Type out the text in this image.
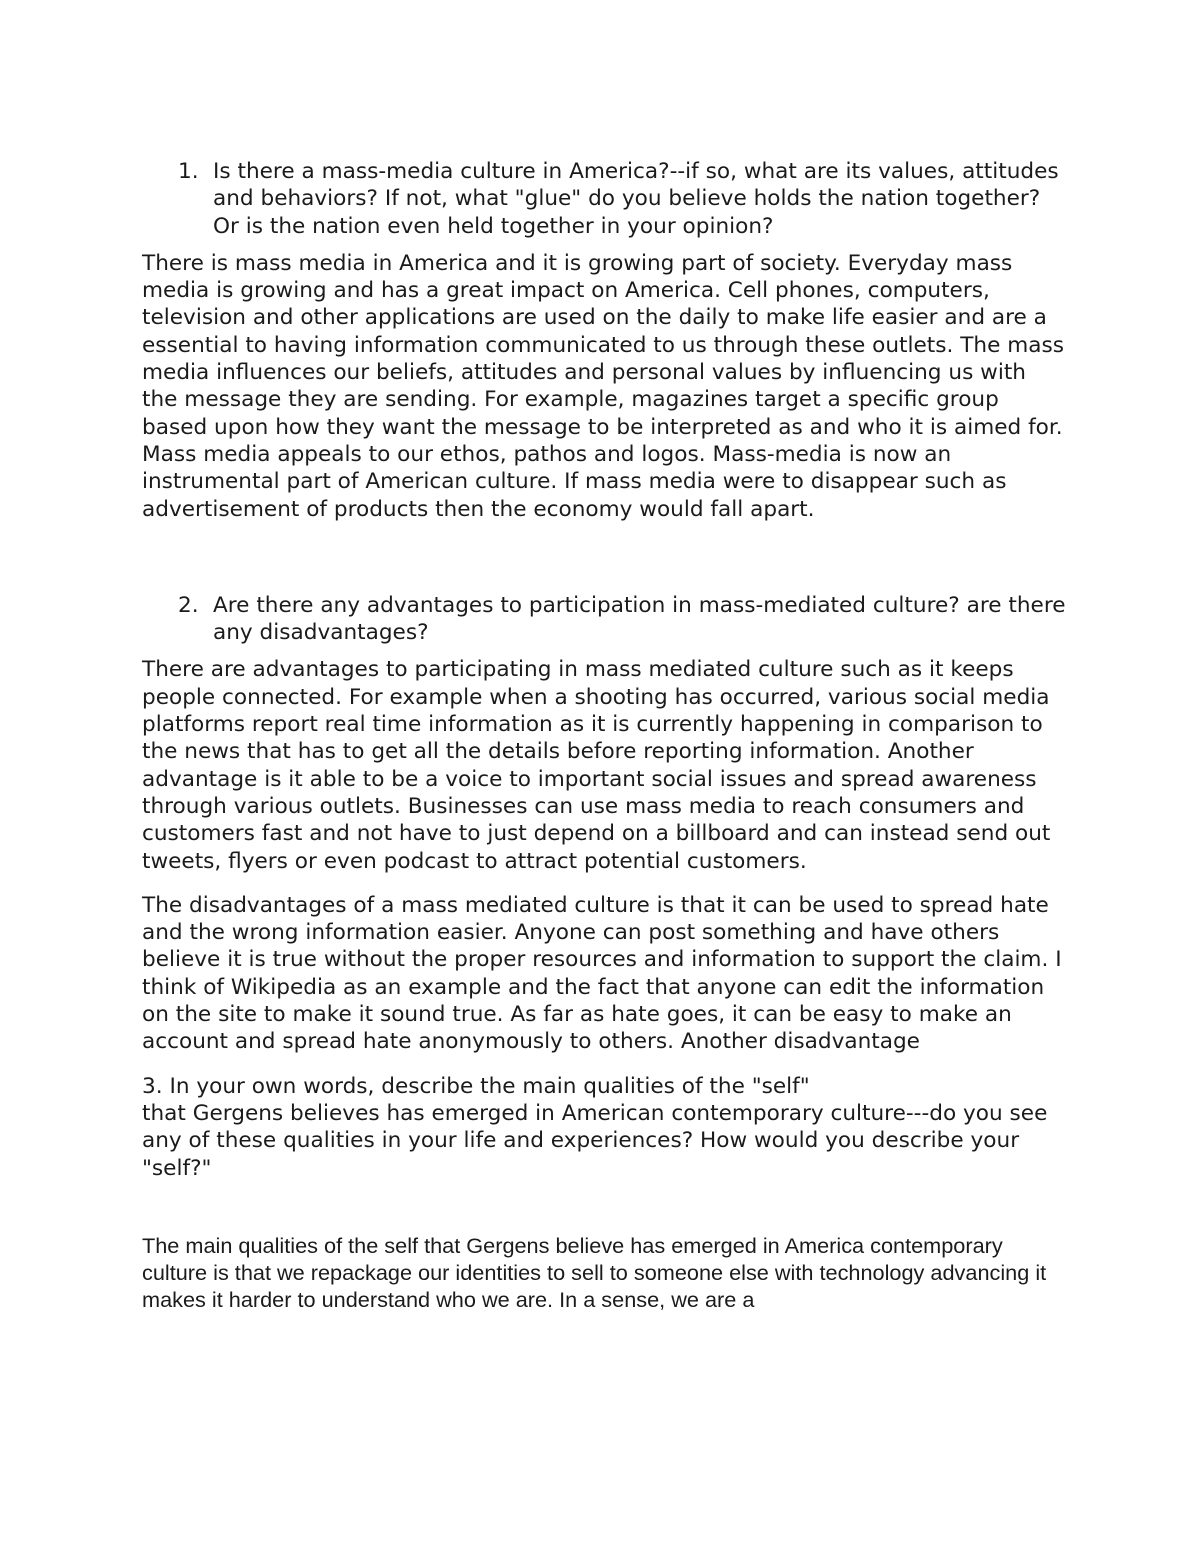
1. Is there a mass-media culture in America?--if so, what are its values, attitudes and behaviors? If not, what "glue" do you believe holds the nation together? Or is the nation even held together in your opinion?

There is mass media in America and it is growing part of society. Everyday mass media is growing and has a great impact on America. Cell phones, computers, television and other applications are used on the daily to make life easier and are a essential to having information communicated to us through these outlets. The mass media influences our beliefs, attitudes and personal values by influencing us with the message they are sending. For example, magazines target a specific group based upon how they want the message to be interpreted as and who it is aimed for. Mass media appeals to our ethos, pathos and logos. Mass-media is now an instrumental part of American culture. If mass media were to disappear such as advertisement of products then the economy would fall apart.

2. Are there any advantages to participation in mass-mediated culture? are there any disadvantages?

There are advantages to participating in mass mediated culture such as it keeps people connected. For example when a shooting has occurred, various social media platforms report real time information as it is currently happening in comparison to the news that has to get all the details before reporting information. Another advantage is it able to be a voice to important social issues and spread awareness through various outlets. Businesses can use mass media to reach consumers and customers fast and not have to just depend on a billboard and can instead send out tweets, flyers or even podcast to attract potential customers.

The disadvantages of a mass mediated culture is that it can be used to spread hate and the wrong information easier. Anyone can post something and have others believe it is true without the proper resources and information to support the claim. I think of Wikipedia as an example and the fact that anyone can edit the information on the site to make it sound true. As far as hate goes, it can be easy to make an account and spread hate anonymously to others. Another disadvantage

3. In your own words, describe the main qualities of the "self"
that Gergens believes has emerged in American contemporary culture---do you see any of these qualities in your life and experiences? How would you describe your "self?"

The main qualities of the self that Gergens believe has emerged in America contemporary culture is that we repackage our identities to sell to someone else with technology advancing it makes it harder to understand who we are. In a sense, we are a
